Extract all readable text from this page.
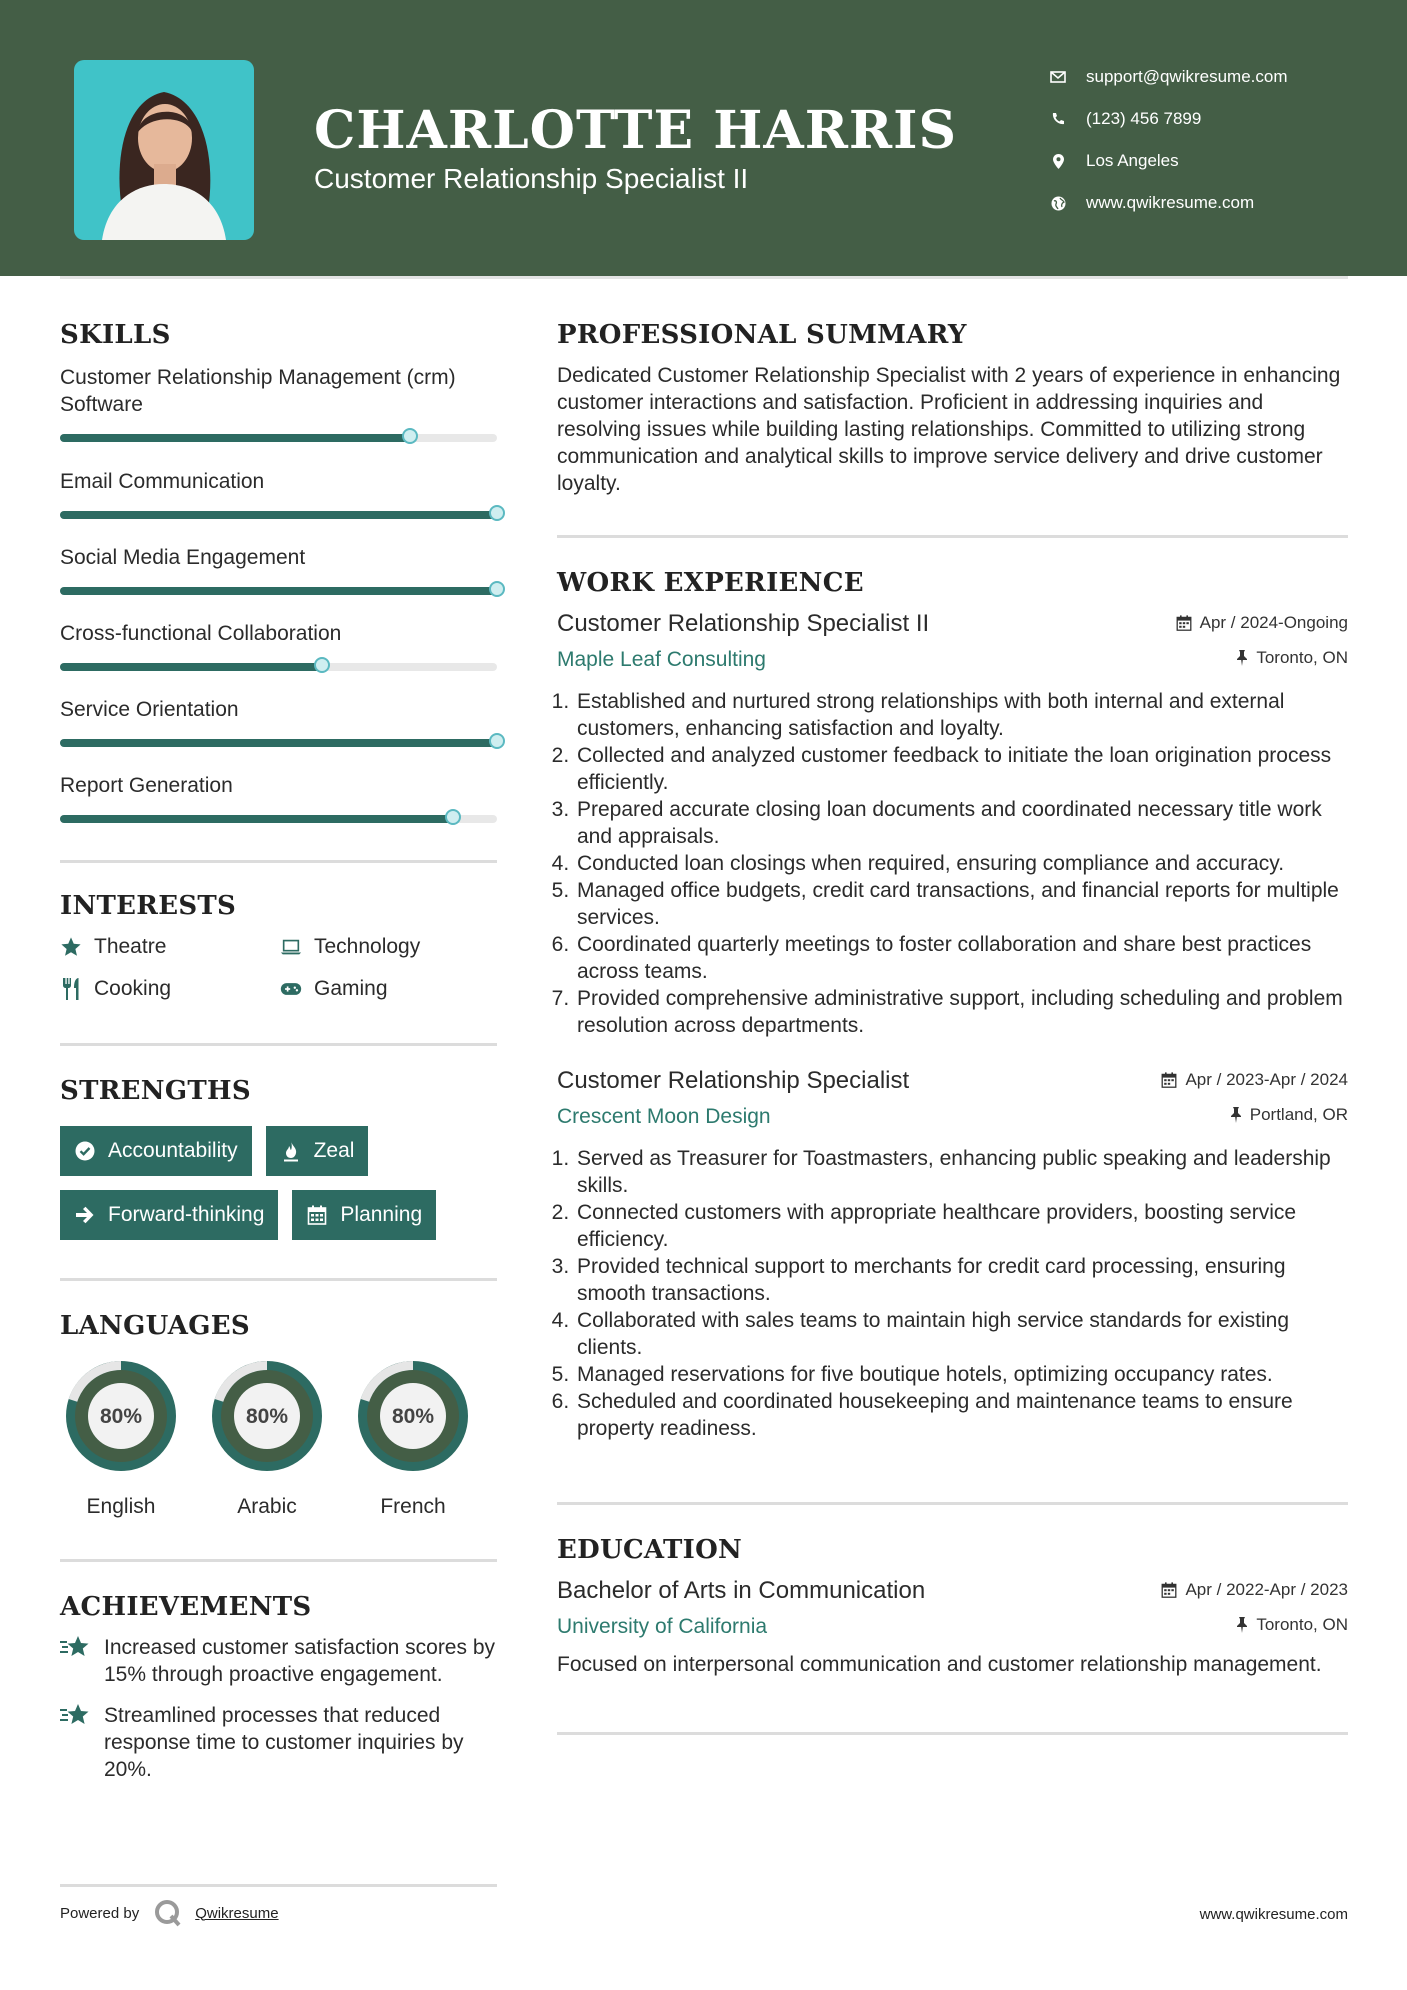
CHARLOTTE HARRIS
Customer Relationship Specialist II
support@qwikresume.com
(123) 456 7899
Los Angeles
www.qwikresume.com
SKILLS
Customer Relationship Management (crm) Software
Email Communication
Social Media Engagement
Cross-functional Collaboration
Service Orientation
Report Generation
INTERESTS
Theatre	Technology
Cooking	Gaming
STRENGTHS
Accountability	Zeal
Forward-thinking	Planning
LANGUAGES
80%
English
80%
Arabic
80%
French
ACHIEVEMENTS
Increased customer satisfaction scores by 15% through proactive engagement.
Streamlined processes that reduced response time to customer inquiries by 20%.
PROFESSIONAL SUMMARY
Dedicated Customer Relationship Specialist with 2 years of experience in enhancing customer interactions and satisfaction. Proficient in addressing inquiries and resolving issues while building lasting relationships. Committed to utilizing strong communication and analytical skills to improve service delivery and drive customer loyalty.
WORK EXPERIENCE
Customer Relationship Specialist II	Apr / 2024-Ongoing
Maple Leaf Consulting	Toronto, ON
1. Established and nurtured strong relationships with both internal and external customers, enhancing satisfaction and loyalty.
2. Collected and analyzed customer feedback to initiate the loan origination process efficiently.
3. Prepared accurate closing loan documents and coordinated necessary title work and appraisals.
4. Conducted loan closings when required, ensuring compliance and accuracy.
5. Managed office budgets, credit card transactions, and financial reports for multiple services.
6. Coordinated quarterly meetings to foster collaboration and share best practices across teams.
7. Provided comprehensive administrative support, including scheduling and problem resolution across departments.
Customer Relationship Specialist	Apr / 2023-Apr / 2024
Crescent Moon Design	Portland, OR
1. Served as Treasurer for Toastmasters, enhancing public speaking and leadership skills.
2. Connected customers with appropriate healthcare providers, boosting service efficiency.
3. Provided technical support to merchants for credit card processing, ensuring smooth transactions.
4. Collaborated with sales teams to maintain high service standards for existing clients.
5. Managed reservations for five boutique hotels, optimizing occupancy rates.
6. Scheduled and coordinated housekeeping and maintenance teams to ensure property readiness.
EDUCATION
Bachelor of Arts in Communication	Apr / 2022-Apr / 2023
University of California	Toronto, ON
Focused on interpersonal communication and customer relationship management.
Powered by	Qwikresume	www.qwikresume.com
